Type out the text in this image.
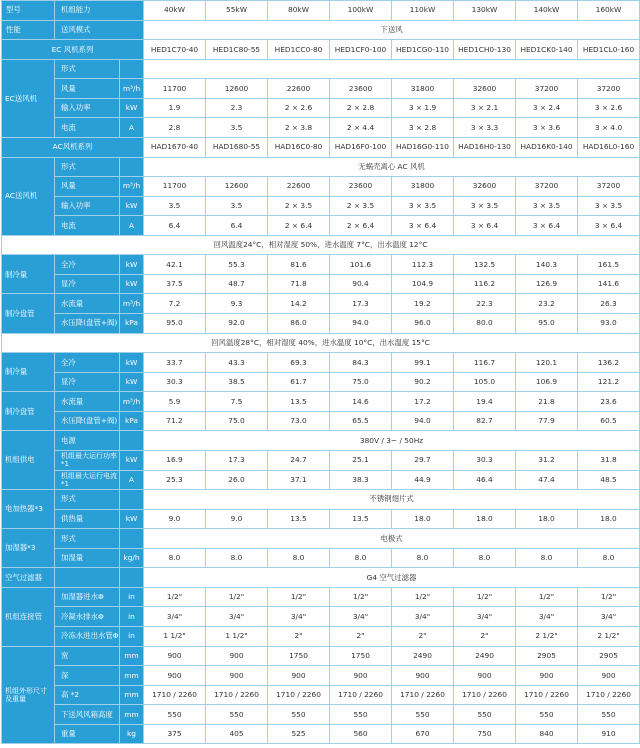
型号	机组能力		40kW	55kW	80kW	100kW	110kW	130kW	140kW	160kW
性能	送风模式		下送风							
EC 风机系列			HED1C70-40	HED1C80-55	HED1CC0-80	HED1CF0-100	HED1CG0-110	HED1CH0-130	HED1CK0-140	HED1CL0-160
EC送风机	形式									
	风量	m³/h	11700	12600	22600	23600	31800	32600	37200	37200
	输入功率	kW	1.9	2.3	2 × 2.6	2 × 2.8	3 × 1.9	3 × 2.1	3 × 2.4	3 × 2.6
	电流	A	2.8	3.5	2 × 3.8	2 × 4.4	3 × 2.8	3 × 3.3	3 × 3.6	3 × 4.0
AC风机系列			HAD1670-40	HAD1680-55	HAD16C0-80	HAD16F0-100	HAD16G0-110	HAD16H0-130	HAD16K0-140	HAD16L0-160
AC送风机	形式		无蜗壳离心 AC 风机							
	风量	m³/h	11700	12600	22600	23600	31800	32600	37200	37200
	输入功率	kW	3.5	3.5	2 × 3.5	2 × 3.5	3 × 3.5	3 × 3.5	3 × 3.5	3 × 3.5
	电流	A	6.4	6.4	2 × 6.4	2 × 6.4	3 × 6.4	3 × 6.4	3 × 6.4	3 × 6.4
回风温度24°C，相对湿度 50%，进水温度 7°C，出水温度 12°C										
制冷量	全冷	kW	42.1	55.3	81.6	101.6	112.3	132.5	140.3	161.5
	显冷	kW	37.5	48.7	71.8	90.4	104.9	116.2	126.9	141.6
制冷盘管	水流量	m³/h	7.2	9.3	14.2	17.3	19.2	22.3	23.2	26.3
	水压降(盘管+阀)	kPa	95.0	92.0	86.0	94.0	96.0	80.0	95.0	93.0
回风温度28°C，相对湿度 40%，进水温度 10°C，出水温度 15°C										
制冷量	全冷	kW	33.7	43.3	69.3	84.3	99.1	116.7	120.1	136.2
	显冷	kW	30.3	38.5	61.7	75.0	90.2	105.0	106.9	121.2
制冷盘管	水流量	m³/h	5.9	7.5	13.5	14.6	17.2	19.4	21.8	23.6
	水压降(盘管+阀)	kPa	71.2	75.0	73.0	65.5	94.0	82.7	77.9	60.5
机组供电	电源		380V / 3~ / 50Hz							
	机组最大运行功率*1	kW	16.9	17.3	24.7	25.1	29.7	30.3	31.2	31.8
	机组最大运行电流*1	A	25.3	26.0	37.1	38.3	44.9	46.4	47.4	48.5
电加热器*3	形式		不锈钢翅片式							
	供热量	kW	9.0	9.0	13.5	13.5	18.0	18.0	18.0	18.0
加湿器*3	形式		电极式							
	加湿量	kg/h	8.0	8.0	8.0	8.0	8.0	8.0	8.0	8.0
空气过滤器			G4 空气过滤器							
机组连接管	加湿器进水Φ	in	1/2"	1/2"	1/2"	1/2"	1/2"	1/2"	1/2"	1/2"
	冷凝水排水Φ	in	3/4"	3/4"	3/4"	3/4"	3/4"	3/4"	3/4"	3/4"
	冷冻水进出水管Φ	in	1 1/2"	1 1/2"	2"	2"	2"	2"	2 1/2"	2 1/2"
机组外形尺寸及重量	宽	mm	900	900	1750	1750	2490	2490	2905	2905
	深	mm	900	900	900	900	900	900	900	900
	高 *2	mm	1710 / 2260	1710 / 2260	1710 / 2260	1710 / 2260	1710 / 2260	1710 / 2260	1710 / 2260	1710 / 2260
	下送风风箱高度	mm	550	550	550	550	550	550	550	550
	重量	kg	375	405	525	560	670	750	840	910
